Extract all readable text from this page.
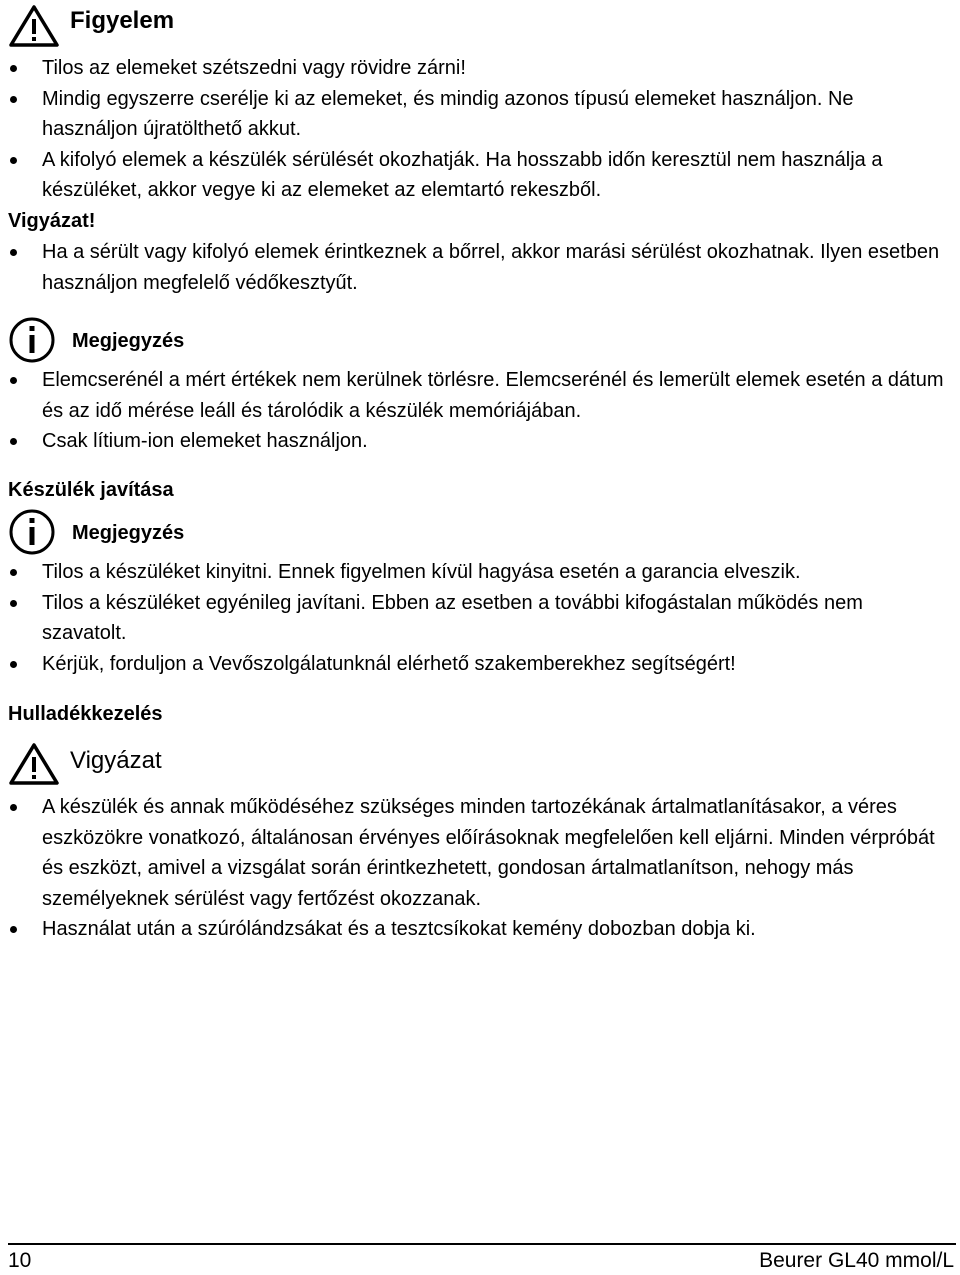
Figyelem
Tilos az elemeket szétszedni vagy rövidre zárni!
Mindig egyszerre cserélje ki az elemeket, és mindig azonos típusú elemeket használjon. Ne használjon újratölthető akkut.
A kifolyó elemek a készülék sérülését okozhatják. Ha hosszabb időn keresztül nem használja a készüléket, akkor vegye ki az elemeket az elemtartó rekeszből.
Vigyázat!
Ha a sérült vagy kifolyó elemek érintkeznek a bőrrel, akkor marási sérülést okozhatnak. Ilyen esetben használjon megfelelő védőkesztyűt.
Megjegyzés
Elemcserénél a mért értékek nem kerülnek törlésre. Elemcserénél és lemerült elemek esetén a dátum és az idő mérése leáll és tárolódik a készülék memóriájában.
Csak lítium-ion elemeket használjon.
Készülék javítása
Megjegyzés
Tilos a készüléket kinyitni. Ennek figyelmen kívül hagyása esetén a garancia elveszik.
Tilos a készüléket egyénileg javítani. Ebben az esetben a további kifogástalan működés nem szavatolt.
Kérjük, forduljon a Vevőszolgálatunknál elérhető szakemberekhez segítségért!
Hulladékkezelés
Vigyázat
A készülék és annak működéséhez szükséges minden tartozékának ártalmatlanításakor, a véres eszközökre vonatkozó, általánosan érvényes előírásoknak megfelelően kell eljárni. Minden vérpróbát és eszközt, amivel a vizsgálat során érintkezhetett, gondosan ártalmatlanítson, nehogy más személyeknek sérülést vagy fertőzést okozzanak.
Használat után a szúrólándzsákat és a tesztcsíkokat kemény dobozban dobja ki.
10	Beurer GL40 mmol/L
